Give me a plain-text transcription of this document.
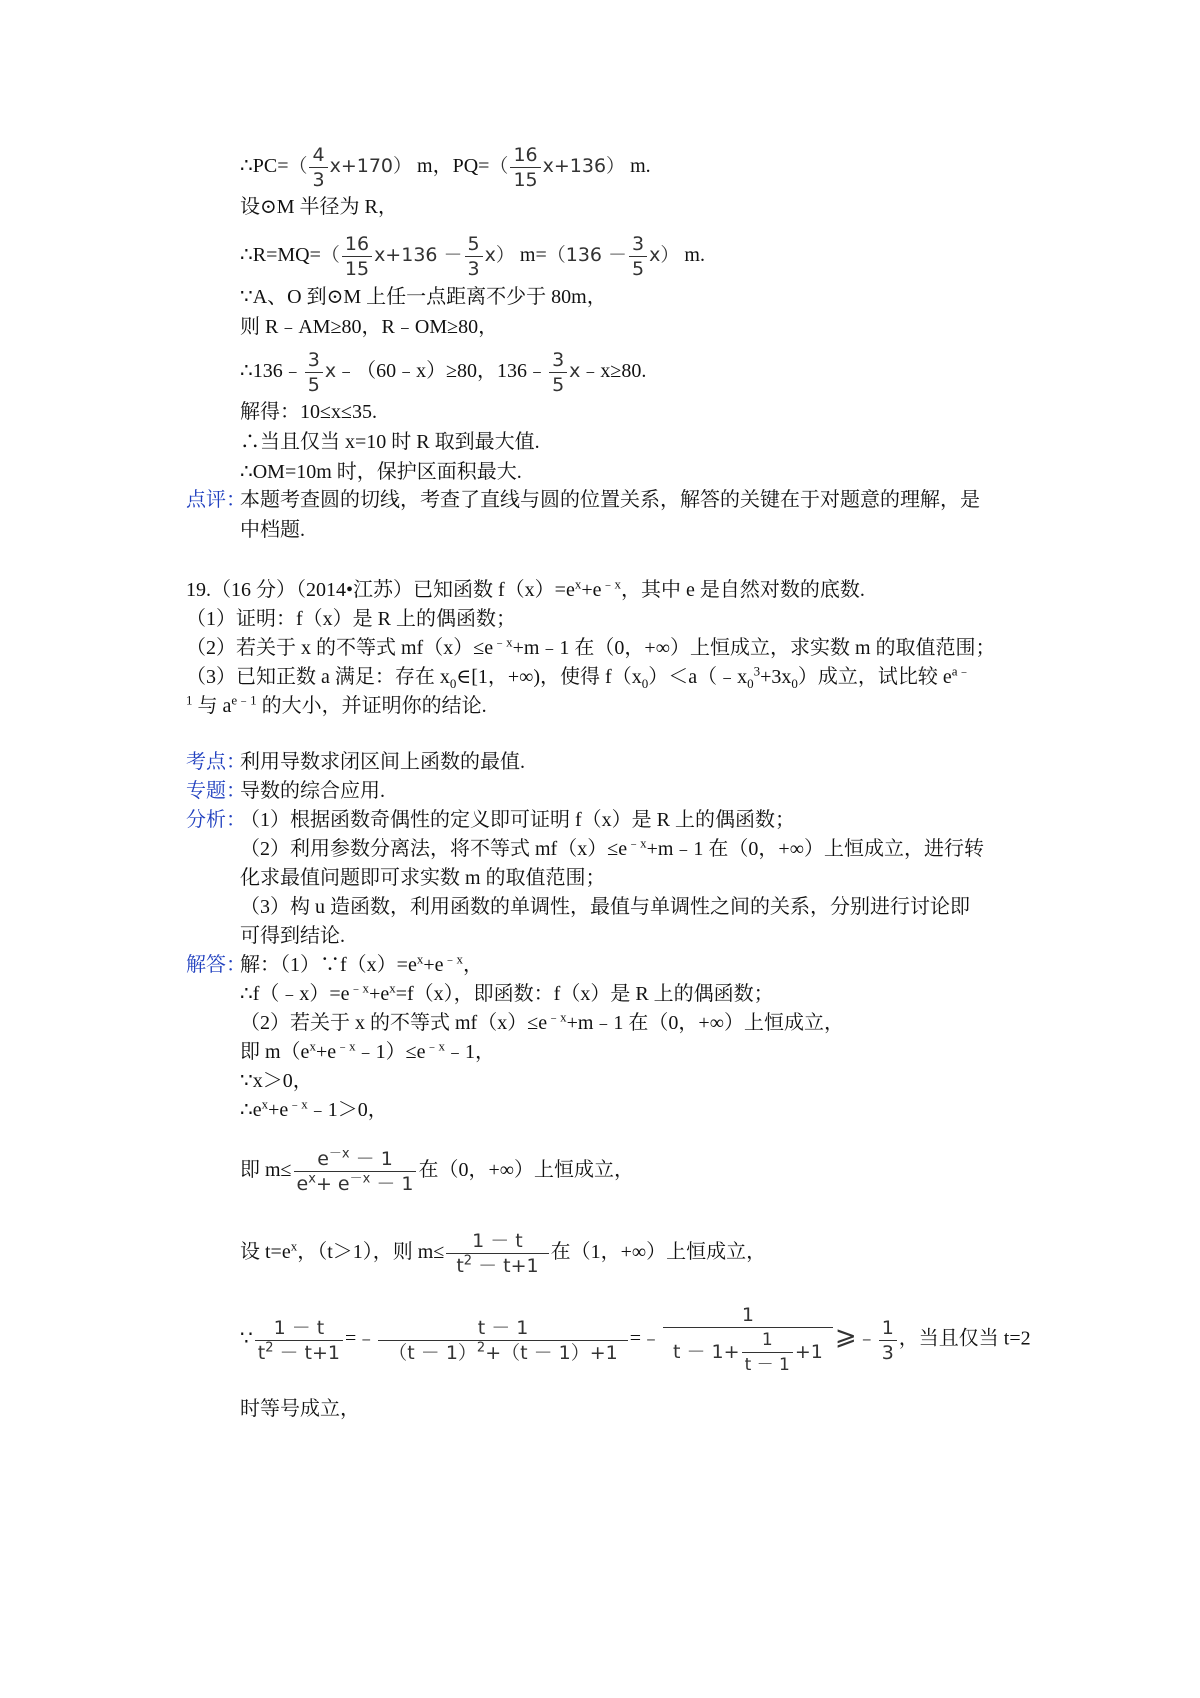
∴PC=（ $\frac{4}{3} x+170$） m，$PQ=( \frac{16}{15} x+136)$ m.
设⊙M 半径为 R，
∴R=MQ=（ $\frac{16}{15} x+136 - \frac{5}{3} x$） $m=(136 - \frac{3}{5} x)$ m.
∵A、O 到⊙M 上任一点距离不少于 80m，
则 R﹣AM≥80，R﹣OM≥80，
∴136﹣ $\frac{3}{5}$ x﹣（60﹣x）≥80，136﹣ $\frac{3}{5}$ x﹣x≥80.
解得：10≤x≤35.
∴当且仅当 x=10 时 R 取到最大值.
∴OM=10m 时，保护区面积最大.
点评：
本题考查圆的切线，考查了直线与圆的位置关系，解答的关键在于对题意的理解，是
中档题.
19.（16 分）（2014•江苏）已知函数 $f(x)=e^x+e^{﹣x}$，其中 e 是自然对数的底数.
（1）证明：f（x）是 R 上的偶函数；
（2）若关于 x 的不等式 $mf(x)\le e^{﹣x}+m﹣1$ 在（0，+∞）上恒成立，求实数 m 的取值范围；
（3）已知正数 a 满足：存在 $x_0\in[1$，+∞)，使得 $f(x_0)<a(﹣x_0^3+3x_0)$成立，试比较 $e^{a﹣}$
$^1$ 与 $a^{e﹣1}$ 的大小，并证明你的结论.
考点：
利用导数求闭区间上函数的最值.
专题：
导数的综合应用.
分析：
（1）根据函数奇偶性的定义即可证明 f（x）是 R 上的偶函数；
（2）利用参数分离法，将不等式 $mf(x)\le e^{﹣x}+m﹣1$ 在（0，+∞）上恒成立，进行转
化求最值问题即可求实数 m 的取值范围；
（3）构 u 造函数，利用函数的单调性，最值与单调性之间的关系，分别进行讨论即
可得到结论.
解答：
解：$(1)\because f(x)=e^x+e^{﹣x}$，
$\therefore f(﹣x)=e^{﹣x}+e^x=f(x)$，即函数：f（x）是 R 上的偶函数；
（2）若关于 x 的不等式 $mf(x)\le e^{﹣x}+m﹣1$ 在（0，+∞）上恒成立，
即 $m(e^x+e^{﹣x}﹣1)\le e^{﹣x}﹣1$，
∵x＞0，
$\therefore e^x+e^{﹣x}﹣1>0$，
即 $m\le \frac{e^{-x} - 1}{e^x+ e^{-x} - 1}$ 在（0，+∞）上恒成立，
设 $t=e^x$，（t＞1），则 $m\le \frac{1 - t}{t^2 - t+1}$ 在（1，+∞）上恒成立，
∵ $\frac{1 - t}{t^2 - t+1}$ =﹣ $\frac{t - 1}{(t - 1)^2+(t - 1)+1}$ =﹣ $\frac{1}{t - 1+ \frac{1}{t - 1} +1}$ ⩾﹣ $\frac{1}{3}$ ，当且仅当 t=2
时等号成立，
